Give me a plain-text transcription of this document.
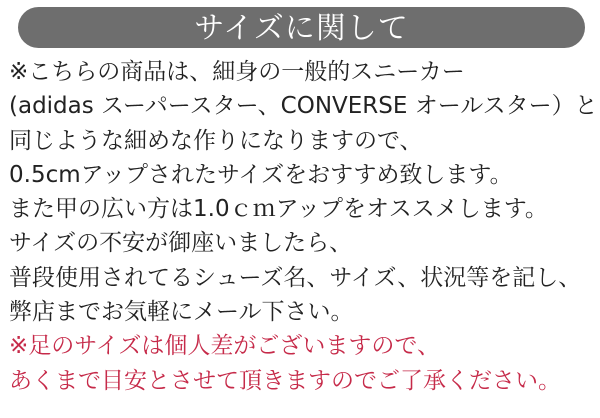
サイズに関して

※こちらの商品は、細身の一般的スニーカー

(adidas スーパースター、CONVERSE オールスター）と

同じような細めな作りになりますので、

0.5cmアップされたサイズをおすすめ致します。

また甲の広い方は1.0ｃｍアップをオススメします。

サイズの不安が御座いましたら、

普段使用されてるシューズ名、サイズ、状況等を記し、

弊店までお気軽にメール下さい。

※足のサイズは個人差がございますので、

あくまで目安とさせて頂きますのでご了承ください。
